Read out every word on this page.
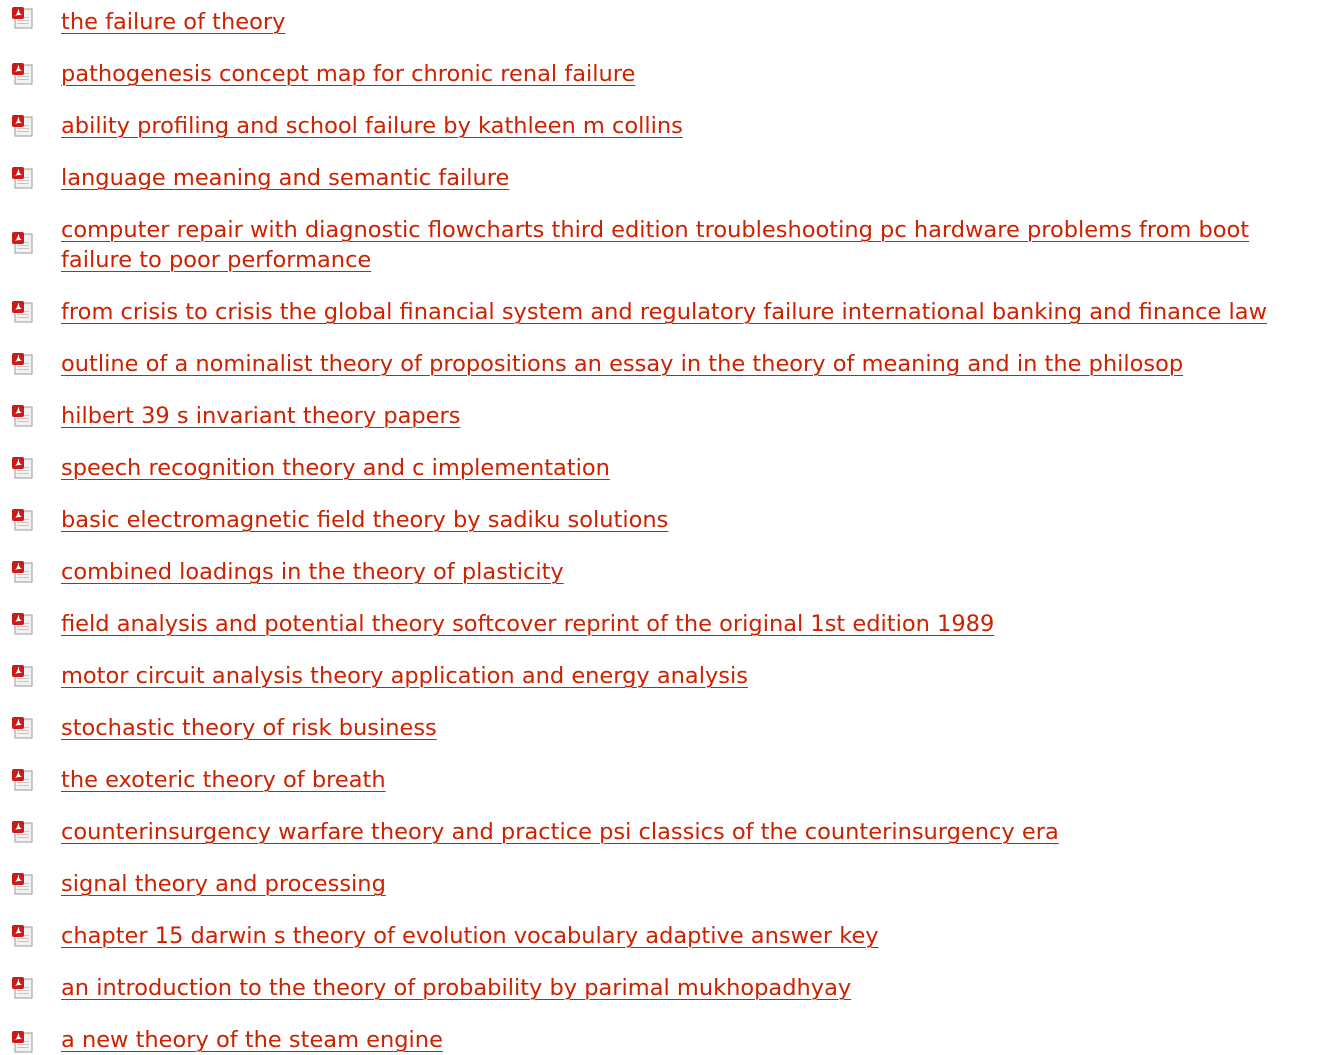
the failure of theory
pathogenesis concept map for chronic renal failure
ability profiling and school failure by kathleen m collins
language meaning and semantic failure
computer repair with diagnostic flowcharts third edition troubleshooting pc hardware problems from boot failure to poor performance
from crisis to crisis the global financial system and regulatory failure international banking and finance law
outline of a nominalist theory of propositions an essay in the theory of meaning and in the philosop
hilbert 39 s invariant theory papers
speech recognition theory and c implementation
basic electromagnetic field theory by sadiku solutions
combined loadings in the theory of plasticity
field analysis and potential theory softcover reprint of the original 1st edition 1989
motor circuit analysis theory application and energy analysis
stochastic theory of risk business
the exoteric theory of breath
counterinsurgency warfare theory and practice psi classics of the counterinsurgency era
signal theory and processing
chapter 15 darwin s theory of evolution vocabulary adaptive answer key
an introduction to the theory of probability by parimal mukhopadhyay
a new theory of the steam engine
